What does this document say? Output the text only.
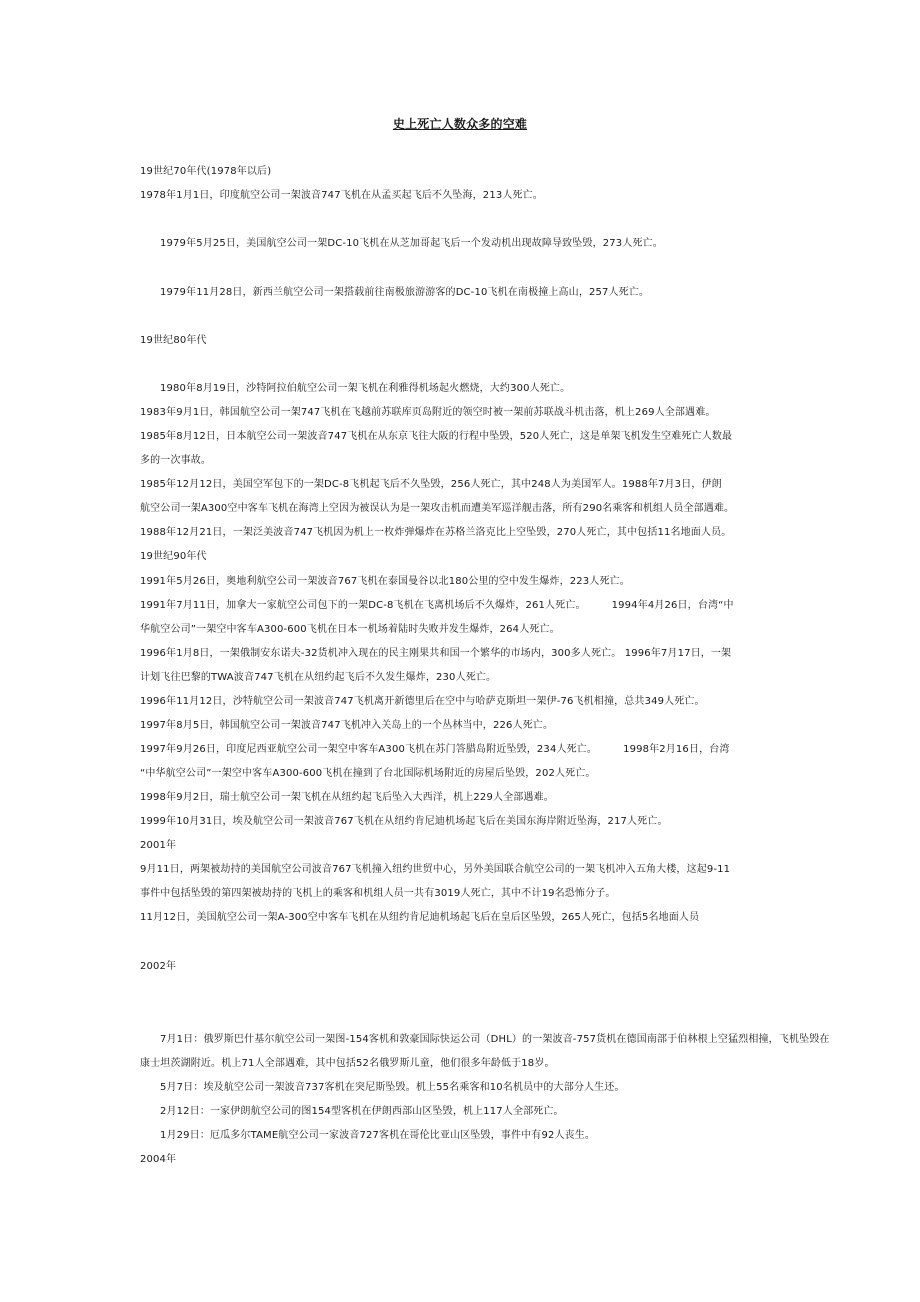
史上死亡人数众多的空难
19世纪70年代(1978年以后)
1978年1月1日，印度航空公司一架波音747飞机在从孟买起飞后不久坠海，213人死亡。
1979年5月25日，美国航空公司一架DC-10飞机在从芝加哥起飞后一个发动机出现故障导致坠毁，273人死亡。
1979年11月28日，新西兰航空公司一架搭载前往南极旅游游客的DC-10飞机在南极撞上高山，257人死亡。
19世纪80年代
1980年8月19日，沙特阿拉伯航空公司一架飞机在利雅得机场起火燃烧，大约300人死亡。
1983年9月1日，韩国航空公司一架747飞机在飞越前苏联库页岛附近的领空时被一架前苏联战斗机击落，机上269人全部遇难。
1985年8月12日，日本航空公司一架波音747飞机在从东京飞往大阪的行程中坠毁，520人死亡，这是单架飞机发生空难死亡人数最
多的一次事故。
1985年12月12日，美国空军包下的一架DC-8飞机起飞后不久坠毁，256人死亡，其中248人为美国军人。1988年7月3日，伊朗
航空公司一架A300空中客车飞机在海湾上空因为被误认为是一架攻击机而遭美军巡洋舰击落，所有290名乘客和机组人员全部遇难。
1988年12月21日，一架泛美波音747飞机因为机上一枚炸弹爆炸在苏格兰洛克比上空坠毁，270人死亡，其中包括11名地面人员。
19世纪90年代
1991年5月26日，奥地利航空公司一架波音767飞机在泰国曼谷以北180公里的空中发生爆炸，223人死亡。
1991年7月11日，加拿大一家航空公司包下的一架DC-8飞机在飞离机场后不久爆炸，261人死亡。	1994年4月26日，台湾“中
华航空公司”一架空中客车A300-600飞机在日本一机场着陆时失败并发生爆炸，264人死亡。
1996年1月8日，一架俄制安东诺夫-32货机冲入现在的民主刚果共和国一个繁华的市场内，300多人死亡。 1996年7月17日，一架
计划飞往巴黎的TWA波音747飞机在从纽约起飞后不久发生爆炸，230人死亡。
1996年11月12日，沙特航空公司一架波音747飞机离开新德里后在空中与哈萨克斯坦一架伊-76飞机相撞，总共349人死亡。
1997年8月5日，韩国航空公司一架波音747飞机冲入关岛上的一个丛林当中，226人死亡。
1997年9月26日，印度尼西亚航空公司一架空中客车A300飞机在苏门答腊岛附近坠毁，234人死亡。	1998年2月16日，台湾
“中华航空公司”一架空中客车A300-600飞机在撞到了台北国际机场附近的房屋后坠毁，202人死亡。
1998年9月2日，瑞士航空公司一架飞机在从纽约起飞后坠入大西洋，机上229人全部遇难。
1999年10月31日，埃及航空公司一架波音767飞机在从纽约肯尼迪机场起飞后在美国东海岸附近坠海，217人死亡。
2001年
9月11日，两架被劫持的美国航空公司波音767飞机撞入纽约世贸中心，另外美国联合航空公司的一架飞机冲入五角大楼，这起9-11
事件中包括坠毁的第四架被劫持的飞机上的乘客和机组人员一共有3019人死亡，其中不计19名恐怖分子。
11月12日，美国航空公司一架A-300空中客车飞机在从纽约肯尼迪机场起飞后在皇后区坠毁，265人死亡，包括5名地面人员
2002年
7月1日：俄罗斯巴什基尔航空公司一架图-154客机和敦豪国际快运公司（DHL）的一架波音-757货机在德国南部于伯林根上空猛烈相撞，飞机坠毁在
康士坦茨湖附近。机上71人全部遇难，其中包括52名俄罗斯儿童，他们很多年龄低于18岁。
5月7日：埃及航空公司一架波音737客机在突尼斯坠毁。机上55名乘客和10名机员中的大部分人生还。
2月12日：一家伊朗航空公司的图154型客机在伊朗西部山区坠毁，机上117人全部死亡。
1月29日：厄瓜多尔TAME航空公司一家波音727客机在哥伦比亚山区坠毁，事件中有92人丧生。
2004年
